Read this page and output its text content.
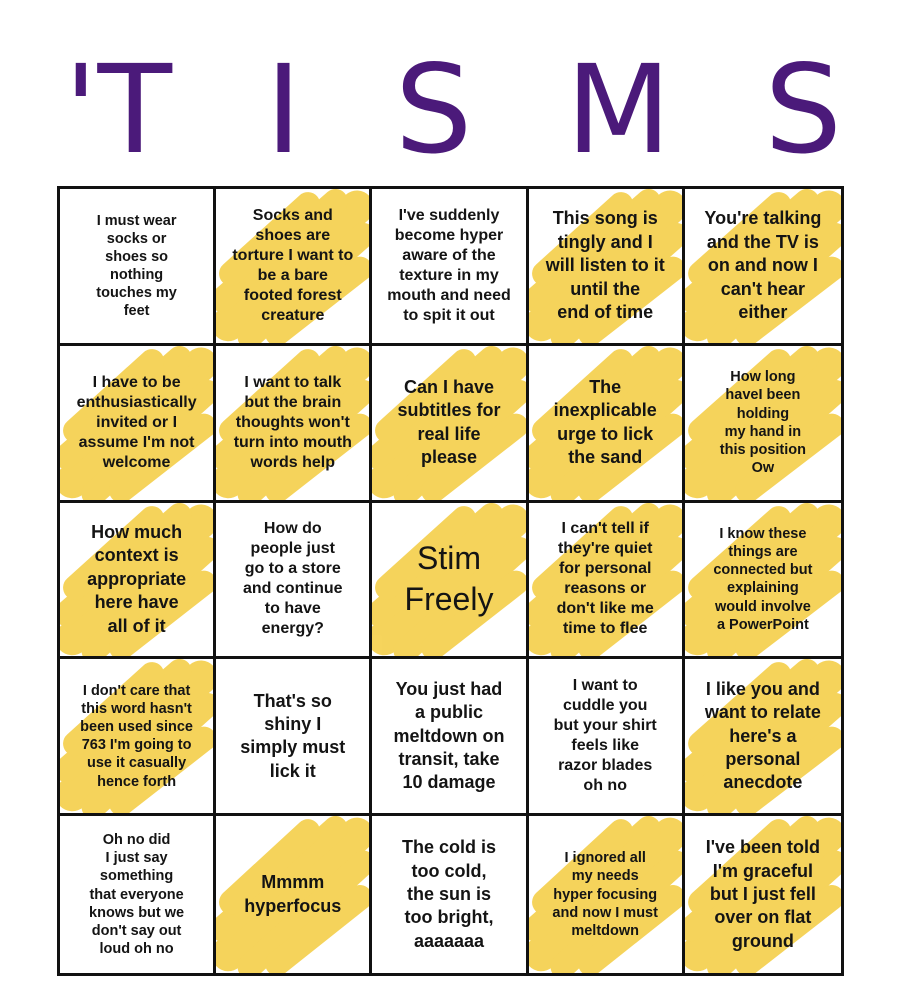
'T I S M S
I must wear
socks or
shoes so
nothing
touches my
feet
Socks and
shoes are
torture I want to
be a bare
footed forest
creature
I've suddenly
become hyper
aware of the
texture in my
mouth and need
to spit it out
This song is
tingly and I
will listen to it
until the
end of time
You're talking
and the TV is
on and now I
can't hear
either
I have to be
enthusiastically
invited or I
assume I'm not
welcome
I want to talk
but the brain
thoughts won't
turn into mouth
words help
Can I have
subtitles for
real life
please
The
inexplicable
urge to lick
the sand
How long
haveI been
holding
my hand in
this position
Ow
How much
context is
appropriate
here have
all of it
How do
people just
go to a store
and continue
to have
energy?
Stim
Freely
I can't tell if
they're quiet
for personal
reasons or
don't like me
time to flee
I know these
things are
connected but
explaining
would involve
a PowerPoint
I don't care that
this word hasn't
been used since
763 I'm going to
use it casually
hence forth
That's so
shiny I
simply must
lick it
You just had
a public
meltdown on
transit, take
10 damage
I want to
cuddle you
but your shirt
feels like
razor blades
oh no
I like you and
want to relate
here's a
personal
anecdote
Oh no did
I just say
something
that everyone
knows but we
don't say out
loud oh no
Mmmm
hyperfocus
The cold is
too cold,
the sun is
too bright,
aaaaaaa
I ignored all
my needs
hyper focusing
and now I must
meltdown
I've been told
I'm graceful
but I just fell
over on flat
ground
